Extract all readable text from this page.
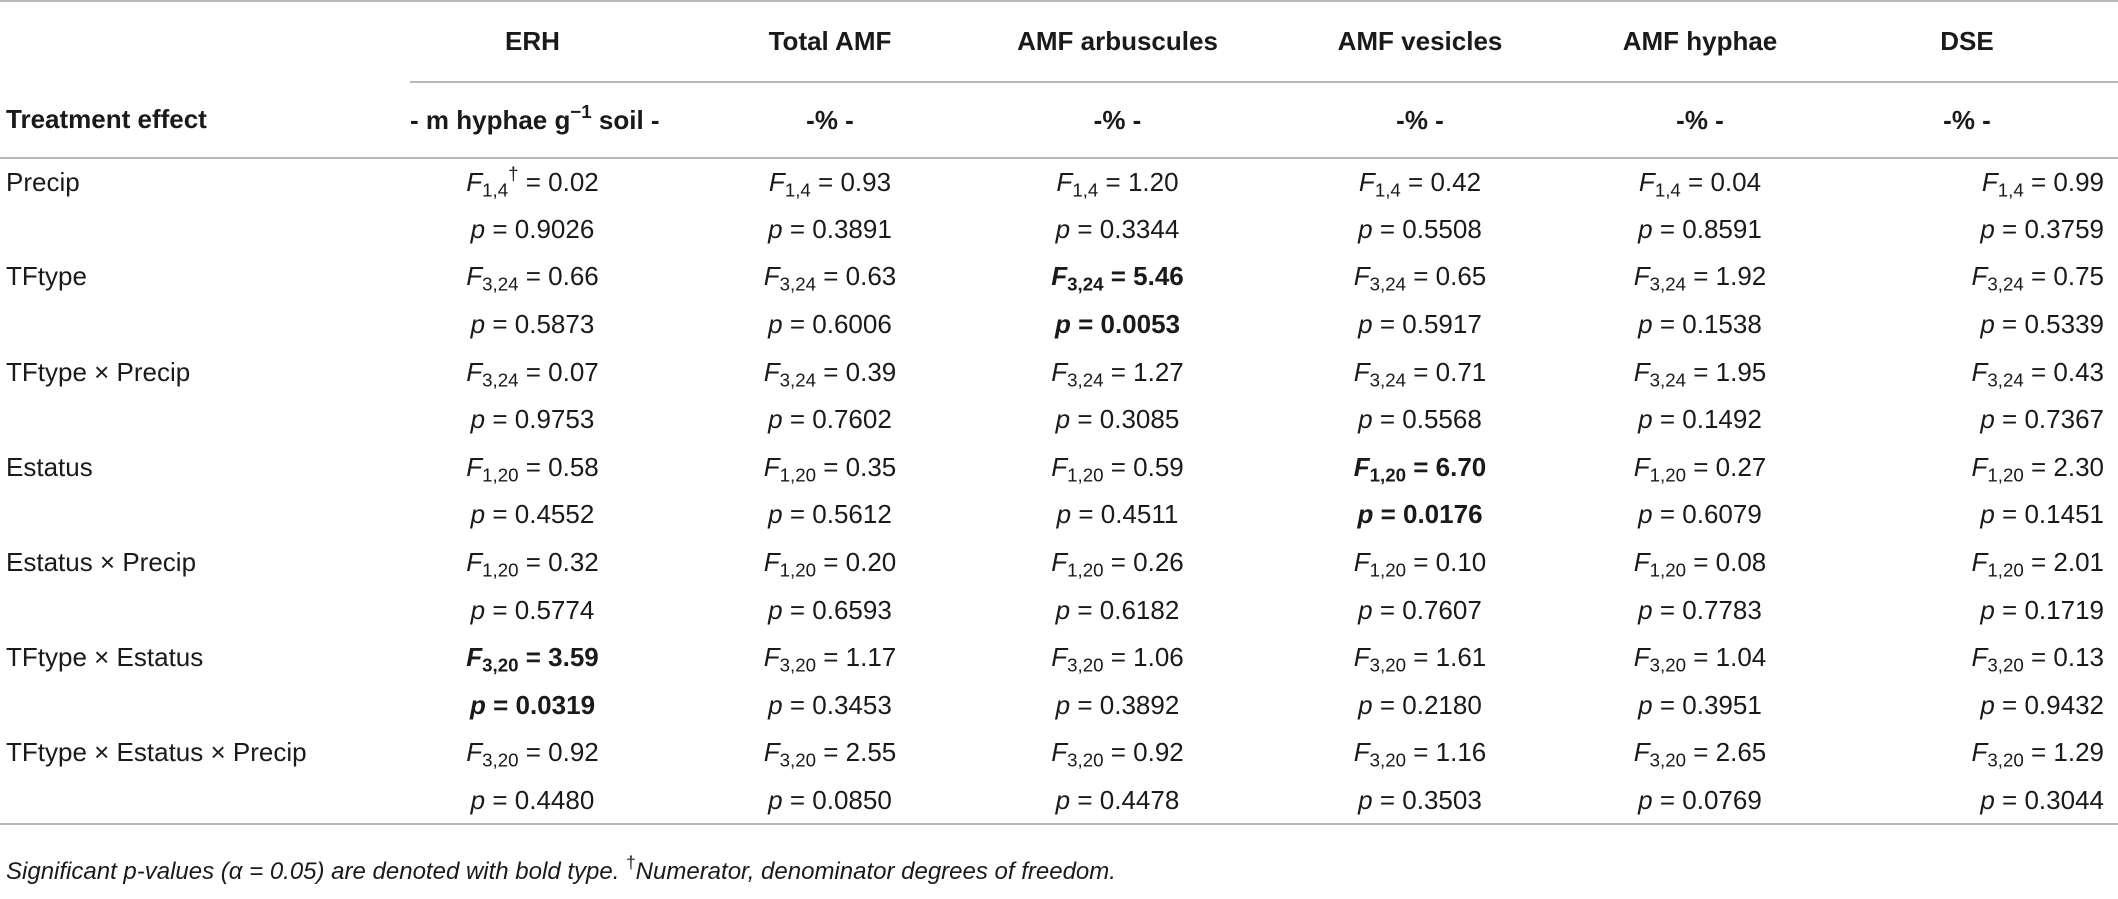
	ERH	Total AMF	AMF arbuscules	AMF vesicles	AMF hyphae	DSE
Treatment effect	- m hyphae $g^{-1}$ soil -	-% -	-% -	-% -	-% -	-% -
Precip	$F_{1,4}^\dagger = 0.02$	$F_{1,4} = 0.93$	$F_{1,4} = 1.20$	$F_{1,4} = 0.42$	$F_{1,4} = 0.04$	$F_{1,4} = 0.99$
	p = 0.9026	p = 0.3891	p = 0.3344	p = 0.5508	p = 0.8591	p = 0.3759
TFtype	$F_{3,24} = 0.66$	$F_{3,24} = 0.63$	$F_{3,24} = 5.46$	$F_{3,24} = 0.65$	$F_{3,24} = 1.92$	$F_{3,24} = 0.75$
	p = 0.5873	p = 0.6006	p = 0.0053	p = 0.5917	p = 0.1538	p = 0.5339
TFtype × Precip	$F_{3,24} = 0.07$	$F_{3,24} = 0.39$	$F_{3,24} = 1.27$	$F_{3,24} = 0.71$	$F_{3,24} = 1.95$	$F_{3,24} = 0.43$
	p = 0.9753	p = 0.7602	p = 0.3085	p = 0.5568	p = 0.1492	p = 0.7367
Estatus	$F_{1,20} = 0.58$	$F_{1,20} = 0.35$	$F_{1,20} = 0.59$	$F_{1,20} = 6.70$	$F_{1,20} = 0.27$	$F_{1,20} = 2.30$
	p = 0.4552	p = 0.5612	p = 0.4511	p = 0.0176	p = 0.6079	p = 0.1451
Estatus × Precip	$F_{1,20} = 0.32$	$F_{1,20} = 0.20$	$F_{1,20} = 0.26$	$F_{1,20} = 0.10$	$F_{1,20} = 0.08$	$F_{1,20} = 2.01$
	p = 0.5774	p = 0.6593	p = 0.6182	p = 0.7607	p = 0.7783	p = 0.1719
TFtype × Estatus	$F_{3,20} = 3.59$	$F_{3,20} = 1.17$	$F_{3,20} = 1.06$	$F_{3,20} = 1.61$	$F_{3,20} = 1.04$	$F_{3,20} = 0.13$
	p = 0.0319	p = 0.3453	p = 0.3892	p = 0.2180	p = 0.3951	p = 0.9432
TFtype × Estatus × Precip	$F_{3,20} = 0.92$	$F_{3,20} = 2.55$	$F_{3,20} = 0.92$	$F_{3,20} = 1.16$	$F_{3,20} = 2.65$	$F_{3,20} = 1.29$
	p = 0.4480	p = 0.0850	p = 0.4478	p = 0.3503	p = 0.0769	p = 0.3044
Significant p-values (α = 0.05) are denoted with bold type. †Numerator, denominator degrees of freedom.
